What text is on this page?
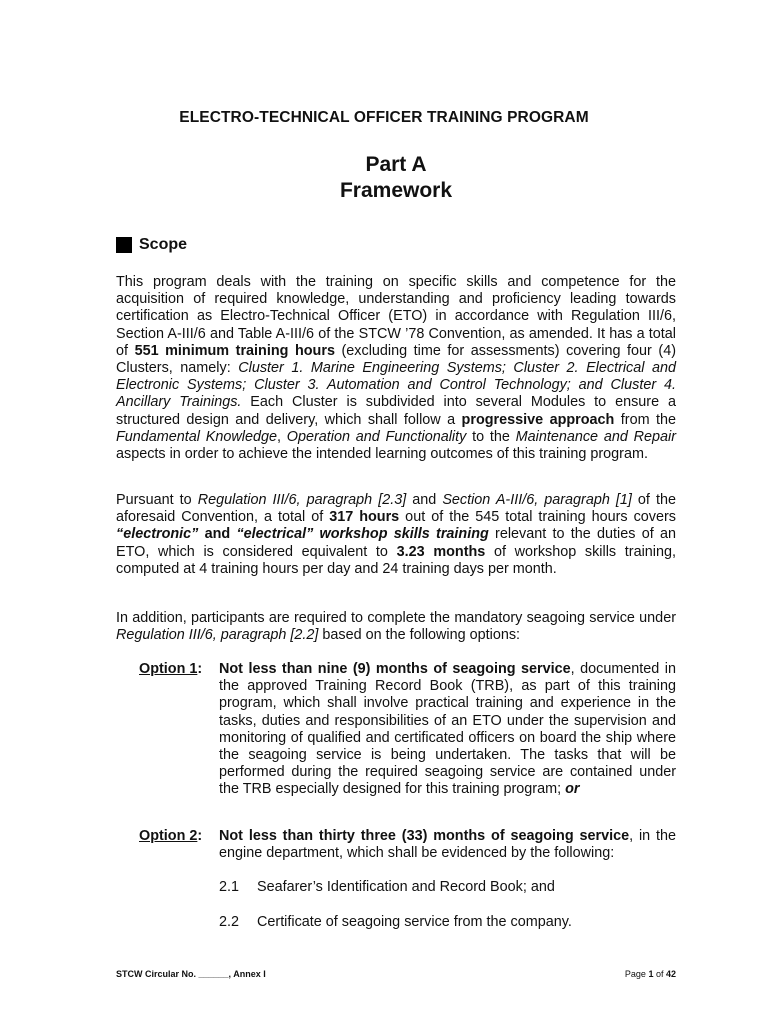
ELECTRO-TECHNICAL OFFICER TRAINING PROGRAM
Part A
Framework
Scope
This program deals with the training on specific skills and competence for the acquisition of required knowledge, understanding and proficiency leading towards certification as Electro-Technical Officer (ETO) in accordance with Regulation III/6, Section A-III/6 and Table A-III/6 of the STCW ’78 Convention, as amended. It has a total of 551 minimum training hours (excluding time for assessments) covering four (4) Clusters, namely: Cluster 1. Marine Engineering Systems; Cluster 2. Electrical and Electronic Systems; Cluster 3. Automation and Control Technology; and Cluster 4. Ancillary Trainings. Each Cluster is subdivided into several Modules to ensure a structured design and delivery, which shall follow a progressive approach from the Fundamental Knowledge, Operation and Functionality to the Maintenance and Repair aspects in order to achieve the intended learning outcomes of this training program.
Pursuant to Regulation III/6, paragraph [2.3] and Section A-III/6, paragraph [1] of the aforesaid Convention, a total of 317 hours out of the 545 total training hours covers “electronic” and “electrical” workshop skills training relevant to the duties of an ETO, which is considered equivalent to 3.23 months of workshop skills training, computed at 4 training hours per day and 24 training days per month.
In addition, participants are required to complete the mandatory seagoing service under Regulation III/6, paragraph [2.2] based on the following options:
Option 1:	Not less than nine (9) months of seagoing service, documented in the approved Training Record Book (TRB), as part of this training program, which shall involve practical training and experience in the tasks, duties and responsibilities of an ETO under the supervision and monitoring of qualified and certificated officers on board the ship where the seagoing service is being undertaken. The tasks that will be performed during the required seagoing service are contained under the TRB especially designed for this training program; or
Option 2:	Not less than thirty three (33) months of seagoing service, in the engine department, which shall be evidenced by the following:
2.1 Seafarer’s Identification and Record Book; and
2.2 Certificate of seagoing service from the company.
STCW Circular No. ______, Annex I	Page 1 of 42
